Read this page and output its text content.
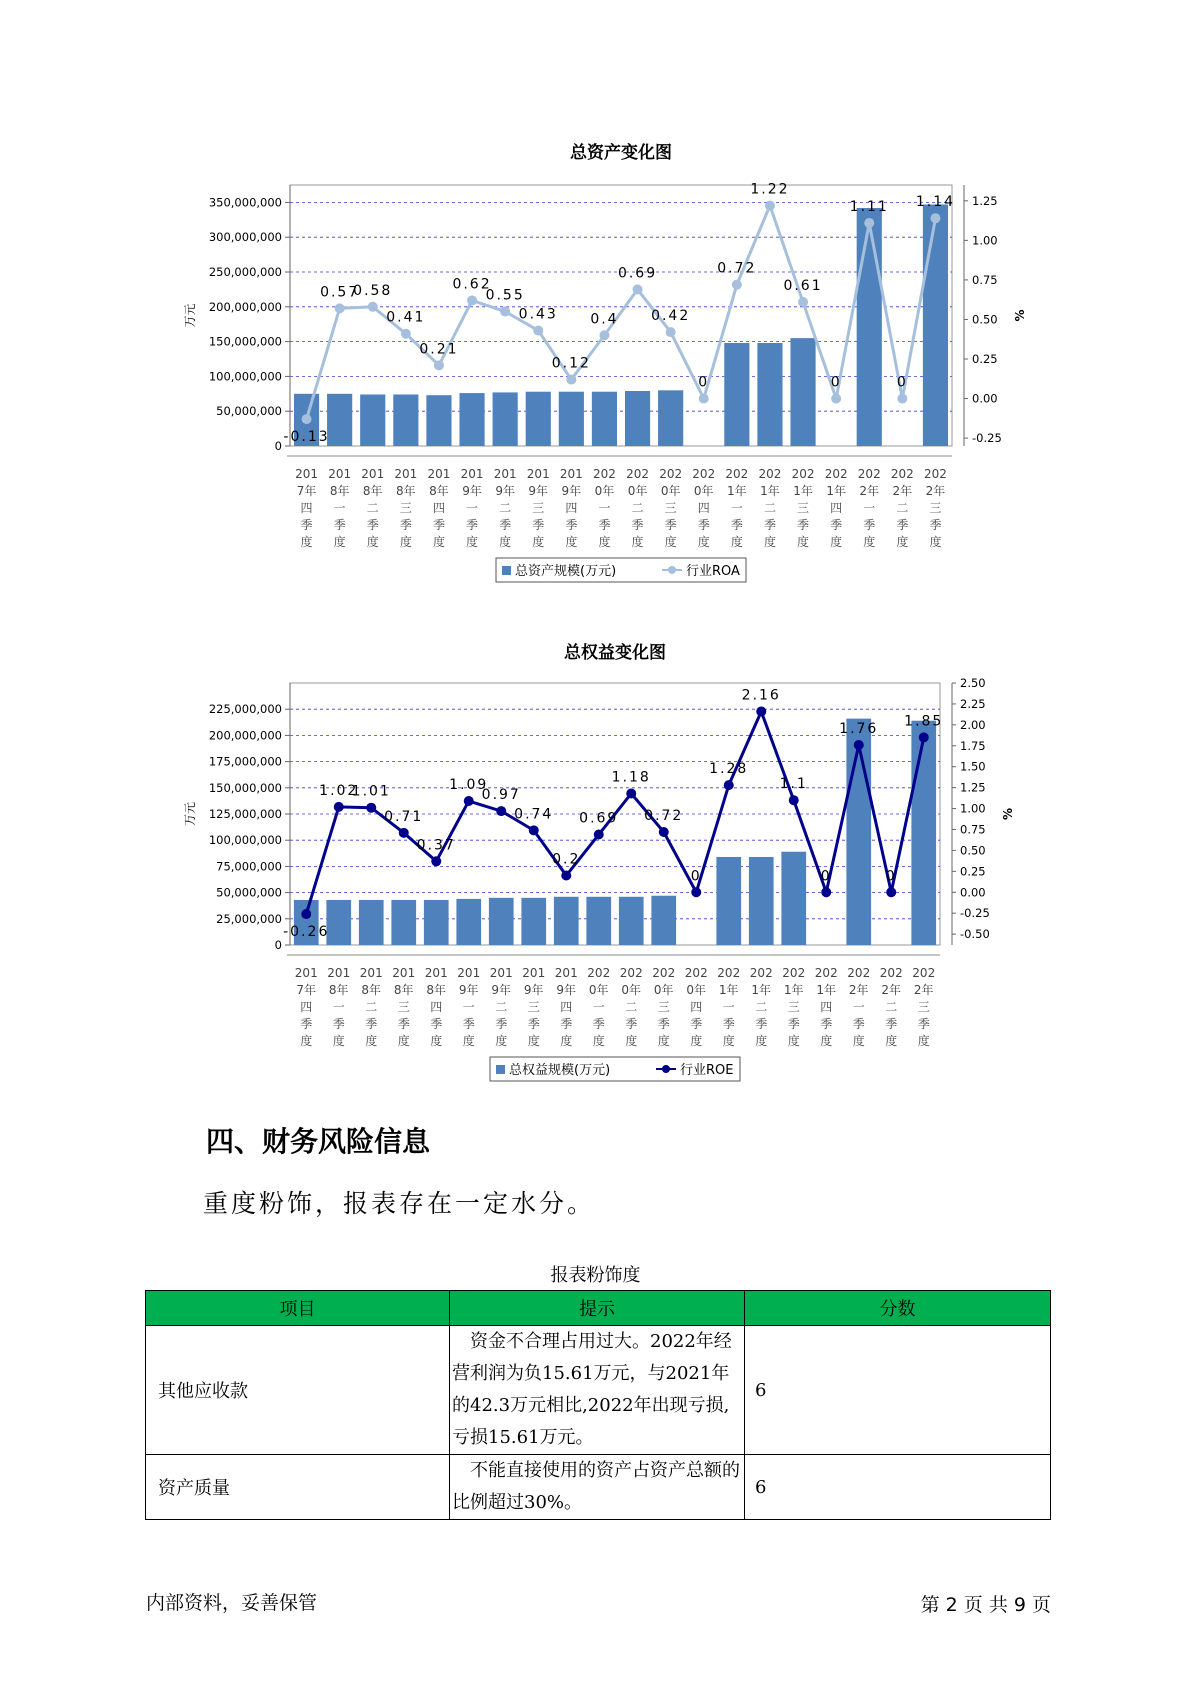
总资产变化图
0
50,000,000
100,000,000
150,000,000
200,000,000
250,000,000
300,000,000
350,000,000
-0.25
0.00
0.25
0.50
0.75
1.00
1.25
万元	%
-0.13
0.57
0.58
0.41
0.21
0.62
0.55
0.43
0.12
0.4
0.69
0.42
0
0.72
1.22
0.61
0
1.11
0
1.14
201 7年四季度
201 8年一季度
201 8年二季度
201 8年三季度
201 8年四季度
201 9年一季度
201 9年二季度
201 9年三季度
201 9年四季度
202 0年一季度
202 0年二季度
202 0年三季度
202 0年四季度
202 1年一季度
202 1年二季度
202 1年三季度
202 1年四季度
202 2年一季度
202 2年二季度
202 2年三季度
总资产规模(万元)	行业ROA
总权益变化图
0
25,000,000
50,000,000
75,000,000
100,000,000
125,000,000
150,000,000
175,000,000
200,000,000
225,000,000
-0.50
-0.25
0.00
0.25
0.50
0.75
1.00
1.25
1.50
1.75
2.00
2.25
2.50
万元	%
-0.26
1.02
1.01
0.71
0.37
1.09
0.97
0.74
0.2
0.69
1.18
0.72
0
1.28
2.16
1.1
0
1.76
0
1.85
201 7年四季度
201 8年一季度
201 8年二季度
201 8年三季度
201 8年四季度
201 9年一季度
201 9年二季度
201 9年三季度
201 9年四季度
202 0年一季度
202 0年二季度
202 0年三季度
202 0年四季度
202 1年一季度
202 1年二季度
202 1年三季度
202 1年四季度
202 2年一季度
202 2年二季度
202 2年三季度
总权益规模(万元)	行业ROE
四、财务风险信息

重度粉饰，报表存在一定水分。

报表粉饰度
项目	提示	分数
其他应收款	资金不合理占用过大。2022年经营利润为负15.61万元，与2021年的42.3万元相比,2022年出现亏损,亏损15.61万元。	6
资产质量	不能直接使用的资产占资产总额的比例超过30%。	6
内部资料，妥善保管	第 2 页 共 9 页
